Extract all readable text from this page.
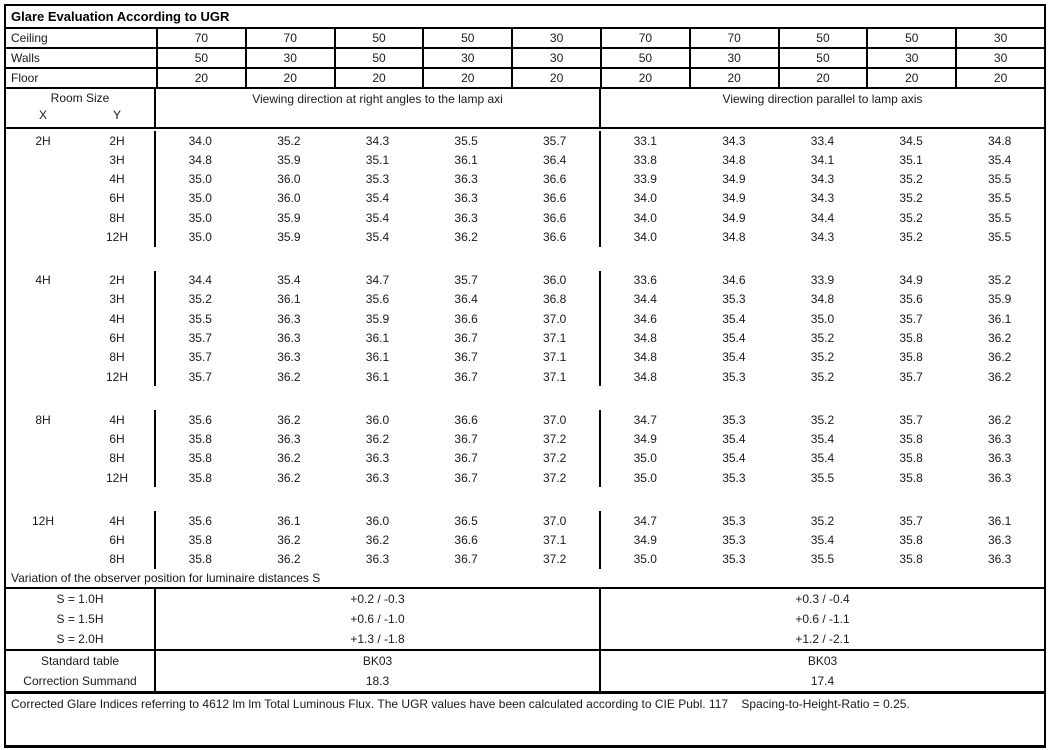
Glare Evaluation According to UGR
Ceiling	70	70	50	50	30	70	70	50	50	30
Walls	50	30	50	30	30	50	30	50	30	30
Floor	20	20	20	20	20	20	20	20	20	20
Room Size
X	Y
Viewing direction at right angles to the lamp axi	Viewing direction parallel to lamp axis
2H	2H	34.0	35.2	34.3	35.5	35.7	33.1	34.3	33.4	34.5	34.8
3H	34.8	35.9	35.1	36.1	36.4	33.8	34.8	34.1	35.1	35.4
4H	35.0	36.0	35.3	36.3	36.6	33.9	34.9	34.3	35.2	35.5
6H	35.0	36.0	35.4	36.3	36.6	34.0	34.9	34.3	35.2	35.5
8H	35.0	35.9	35.4	36.3	36.6	34.0	34.9	34.4	35.2	35.5
12H	35.0	35.9	35.4	36.2	36.6	34.0	34.8	34.3	35.2	35.5
4H	2H	34.4	35.4	34.7	35.7	36.0	33.6	34.6	33.9	34.9	35.2
3H	35.2	36.1	35.6	36.4	36.8	34.4	35.3	34.8	35.6	35.9
4H	35.5	36.3	35.9	36.6	37.0	34.6	35.4	35.0	35.7	36.1
6H	35.7	36.3	36.1	36.7	37.1	34.8	35.4	35.2	35.8	36.2
8H	35.7	36.3	36.1	36.7	37.1	34.8	35.4	35.2	35.8	36.2
12H	35.7	36.2	36.1	36.7	37.1	34.8	35.3	35.2	35.7	36.2
8H	4H	35.6	36.2	36.0	36.6	37.0	34.7	35.3	35.2	35.7	36.2
6H	35.8	36.3	36.2	36.7	37.2	34.9	35.4	35.4	35.8	36.3
8H	35.8	36.2	36.3	36.7	37.2	35.0	35.4	35.4	35.8	36.3
12H	35.8	36.2	36.3	36.7	37.2	35.0	35.3	35.5	35.8	36.3
12H	4H	35.6	36.1	36.0	36.5	37.0	34.7	35.3	35.2	35.7	36.1
6H	35.8	36.2	36.2	36.6	37.1	34.9	35.3	35.4	35.8	36.3
8H	35.8	36.2	36.3	36.7	37.2	35.0	35.3	35.5	35.8	36.3
Variation of the observer position for luminaire distances S
S = 1.0H	+0.2 / -0.3	+0.3 / -0.4
S = 1.5H	+0.6 / -1.0	+0.6 / -1.1
S = 2.0H	+1.3 / -1.8	+1.2 / -2.1
Standard table	BK03	BK03
Correction Summand	18.3	17.4
Corrected Glare Indices referring to 4612 lm lm Total Luminous Flux. The UGR values have been calculated according to CIE Publ. 117    Spacing-to-Height-Ratio = 0.25.
